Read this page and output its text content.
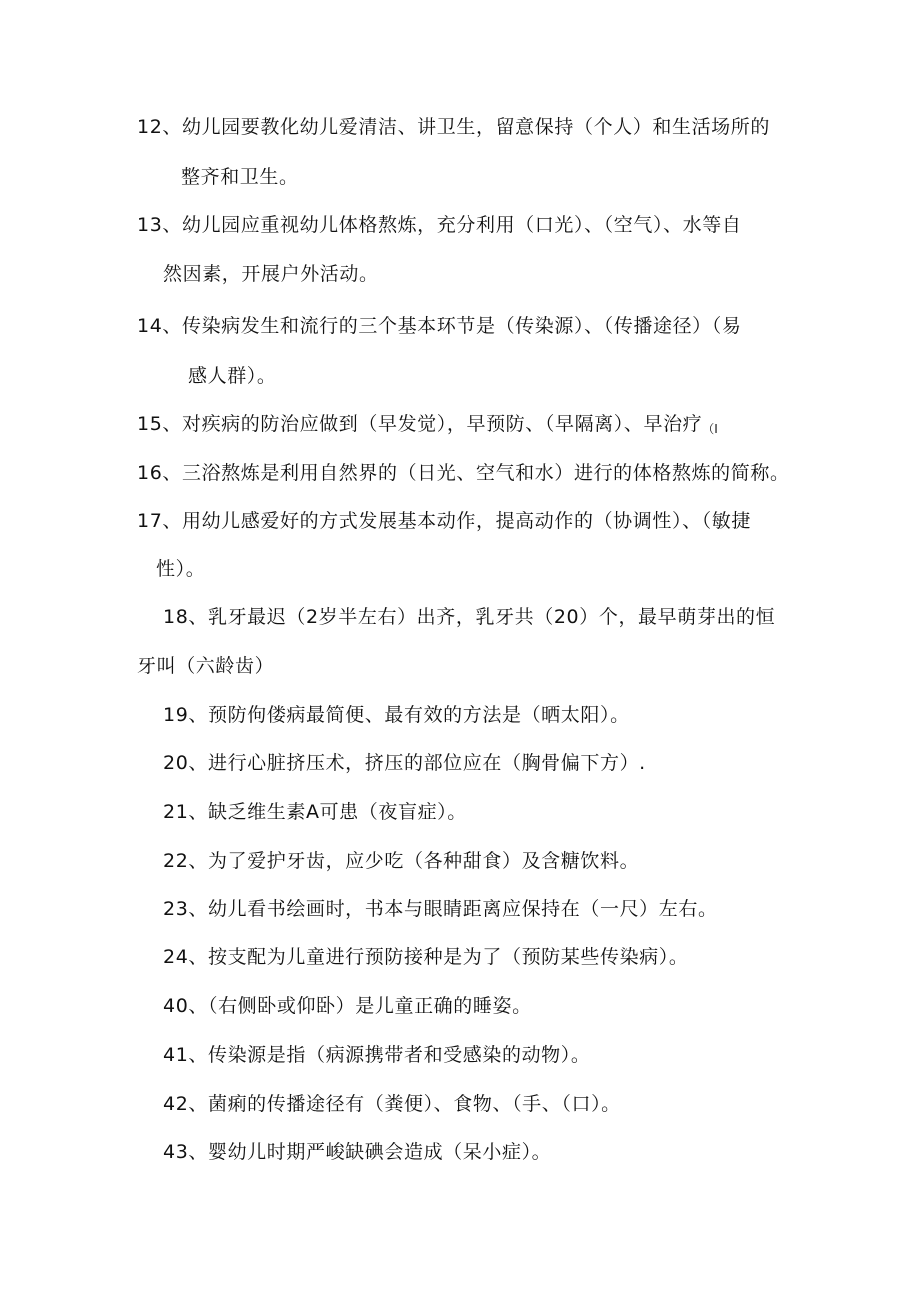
12、幼儿园要教化幼儿爱清洁、讲卫生，留意保持（个人）和生活场所的
整齐和卫生。
13、幼儿园应重视幼儿体格熬炼，充分利用（口光）、（空气）、水等自
然因素，开展户外活动。
14、传染病发生和流行的三个基本环节是（传染源）、（传播途径）（易
感人群）。
15、对疾病的防治应做到（早发觉），早预防、（早隔离）、早治疗（I
16、三浴熬炼是利用自然界的（日光、空气和水）进行的体格熬炼的简称。
17、用幼儿感爱好的方式发展基本动作，提高动作的（协调性）、（敏捷
性）。
18、乳牙最迟（2岁半左右）出齐，乳牙共（20）个，最早萌芽出的恒
牙叫（六龄齿）
19、预防佝偻病最简便、最有效的方法是（晒太阳）。
20、进行心脏挤压术，挤压的部位应在（胸骨偏下方）.
21、缺乏维生素A可患（夜盲症）。
22、为了爱护牙齿，应少吃（各种甜食）及含糖饮料。
23、幼儿看书绘画时，书本与眼睛距离应保持在（一尺）左右。
24、按支配为儿童进行预防接种是为了（预防某些传染病）。
40、（右侧卧或仰卧）是儿童正确的睡姿。
41、传染源是指（病源携带者和受感染的动物）。
42、菌痢的传播途径有（粪便）、食物、（手、（口）。
43、婴幼儿时期严峻缺碘会造成（呆小症）。
